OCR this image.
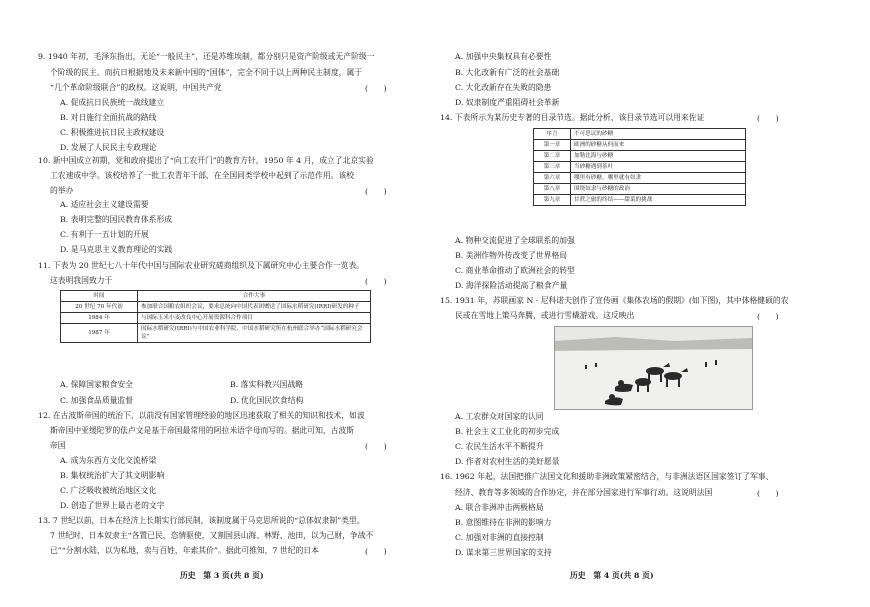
9. 1940 年初，毛泽东指出，无论“一般民主”，还是苏维埃制，都分别只是资产阶级或无产阶级一
个阶级的民主。而抗日根据地及未来新中国的“国体”，完全不同于以上两种民主制度，属于
“几个革命阶级联合”的政权。这说明，中国共产党	(　　)
A. 促成抗日民族统一战线建立
B. 对日施行全面抗战的路线
C. 积极推进抗日民主政权建设
D. 发展了人民民主专政理论
10. 新中国成立初期，党和政府提出了“向工农开门”的教育方针，1950 年 4 月，成立了北京实验
工农速成中学。该校培养了一批工农青年干部，在全国同类学校中起到了示范作用。该校
的举办	(　　)
A. 适应社会主义建设需要
B. 表明完整的国民教育体系形成
C. 有利于一五计划的开展
D. 是马克思主义教育理论的实践
11. 下表为 20 世纪七八十年代中国与国际农业研究磋商组织及下属研究中心主要合作一览表。
这表明我国致力于	(　　)
时间	合作大事
20 世纪 70 年代初	参加联合国粮农组织会议，要求总统向中国代表团赠送了国际水稻研究(IRRI)研发的种子
1984 年	与国际玉米小麦改良中心开展资源科合作项目
1987 年	国际水稻研究(IRRI)与中国农业科学院、中国水稻研究所在杭州联合举办“国际水稻研究会议”
A. 保障国家粮食安全	B. 落实科教兴国战略
C. 加强食品质量监督	D. 优化国民饮食结构
12. 在古波斯帝国的统治下，以前没有国家管理经验的地区迅速获取了相关的知识和技术，如波
斯帝国中亚缓陀罗的佉卢文是基于帝国最常用的阿拉米语字母而写的。据此可知，古波斯
帝国	(　　)
A. 成为东西方文化交流桥梁
B. 集权统治扩大了其文明影响
C. 广泛吸收被统治地区文化
D. 创造了世界上最古老的文字
13. 7 世纪以前，日本在经济上长期实行部民制，该制度属于马克思所说的“总体奴隶制”类型。
7 世纪时，日本奴隶主“各置已民，恣情驱使，又割国县山海、林野、池田，以为己财，争战不
已”“分割水陆，以为私地，卖与百姓，年索其价”。据此可推知，7 世纪的日本	(　　)
历史　第 3 页(共 8 页)
A. 加强中央集权具有必要性
B. 大化改新有广泛的社会基础
C. 大化改新存在失败的隐患
D. 奴隶制度严重阻碍社会革新
14. 下表所示为某历史专著的目录节选。据此分析，该目录节选可以用来佐证	(　　)
序言	不可思议的砂糖
第一章	欧洲的砂糖从何而来
第二章	加勒比海与砂糖
第三章	当砂糖遇到茶叶
第六章	哪里有砂糖，哪里就有奴隶
第八章	围绕奴隶与砂糖的政治
第九章	甘蔗之旅的终结——甜菜的挑战
A. 物种交流促进了全球联系的加强
B. 美洲作物外传改变了世界格局
C. 商业革命推动了欧洲社会的转型
D. 海洋探险活动提高了粮食产量
15. 1931 年，苏联画家 N · 尼科诺夫创作了宣传画《集体农场的假期》(如下图)，其中体格健硕的农
民或在雪地上策马奔腾，或进行雪橇游戏。这反映出	(　　)
A. 工农群众对国家的认同
B. 社会主义工业化的初步完成
C. 农民生活水平不断提升
D. 作者对农村生活的美好愿景
16. 1962 年起，法国把推广法国文化和援助非洲政策紧密结合，与非洲法语区国家签订了军事、
经济、教育等多领域的合作协定，并在部分国家进行军事行动。这说明法国	(　　)
A. 联合非洲冲击两极格局
B. 意图维持在非洲的影响力
C. 加强对非洲的直接控制
D. 谋求第三世界国家的支持
历史　第 4 页(共 8 页)
